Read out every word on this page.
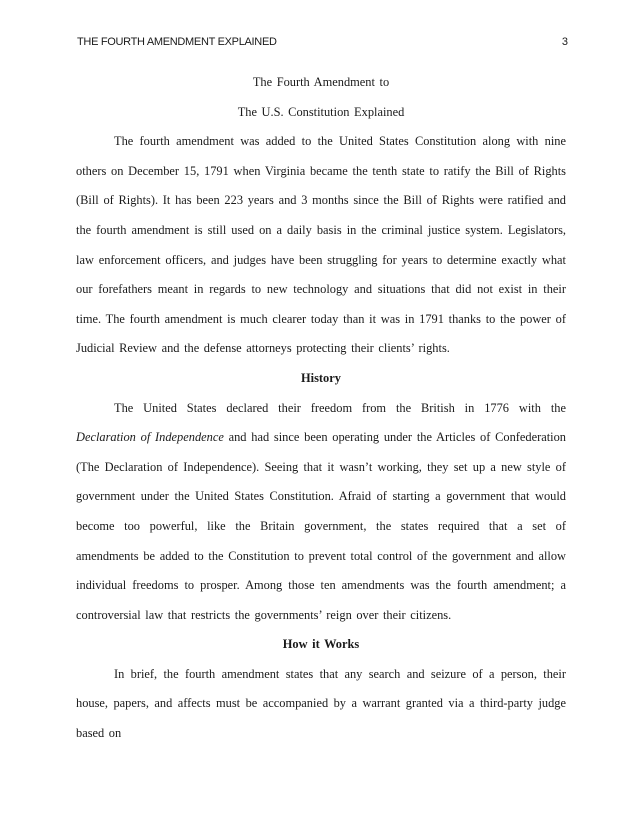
THE FOURTH AMENDMENT EXPLAINED	3

The Fourth Amendment to

The U.S. Constitution Explained

The fourth amendment was added to the United States Constitution along with nine others on December 15, 1791 when Virginia became the tenth state to ratify the Bill of Rights (Bill of Rights). It has been 223 years and 3 months since the Bill of Rights were ratified and the fourth amendment is still used on a daily basis in the criminal justice system. Legislators, law enforcement officers, and judges have been struggling for years to determine exactly what our forefathers meant in regards to new technology and situations that did not exist in their time. The fourth amendment is much clearer today than it was in 1791 thanks to the power of Judicial Review and the defense attorneys protecting their clients’ rights.

History

The United States declared their freedom from the British in 1776 with the Declaration of Independence and had since been operating under the Articles of Confederation (The Declaration of Independence). Seeing that it wasn’t working, they set up a new style of government under the United States Constitution. Afraid of starting a government that would become too powerful, like the Britain government, the states required that a set of amendments be added to the Constitution to prevent total control of the government and allow individual freedoms to prosper. Among those ten amendments was the fourth amendment; a controversial law that restricts the governments’ reign over their citizens.

How it Works

In brief, the fourth amendment states that any search and seizure of a person, their house, papers, and affects must be accompanied by a warrant granted via a third-party judge based on
